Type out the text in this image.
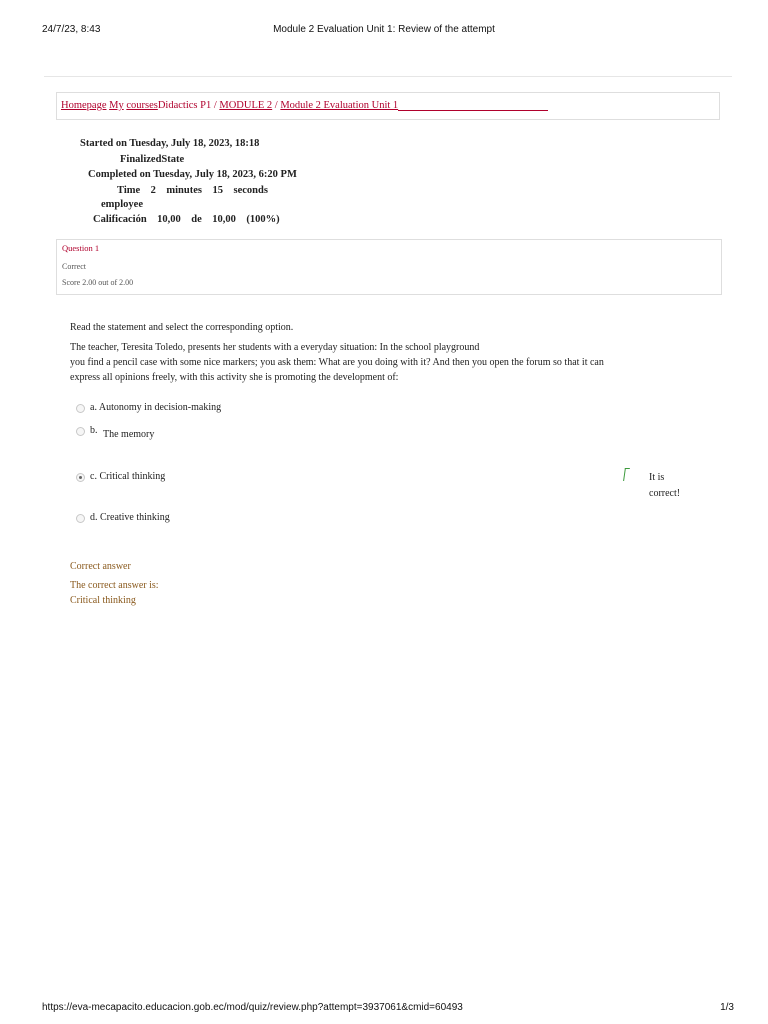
24/7/23, 8:43	Module 2 Evaluation Unit 1: Review of the attempt
Homepage My coursesDidactics P1 / MODULE 2 / Module 2 Evaluation Unit 1
Started on Tuesday, July 18, 2023, 18:18
FinalizedState
Completed on Tuesday, July 18, 2023, 6:20 PM
Time 2    minutes    15    seconds
employee
Calificación 10,00    de    10,00    (100%)
Question 1
Correct
Score 2.00 out of 2.00
Read the statement and select the corresponding option.
The teacher, Teresita Toledo, presents her students with a everyday situation: In the school playground
you find a pencil case with some nice markers; you ask them: What are you doing with it? And then you open the forum so that it can
express all opinions freely, with this activity she is promoting the development of:
a. Autonomy in decision-making
b. The memory
c. Critical thinking
d. Creative thinking
It is
correct!
Correct answer
The correct answer is:
Critical thinking
https://eva-mecapacito.educacion.gob.ec/mod/quiz/review.php?attempt=3937061&cmid=60493	1/3
